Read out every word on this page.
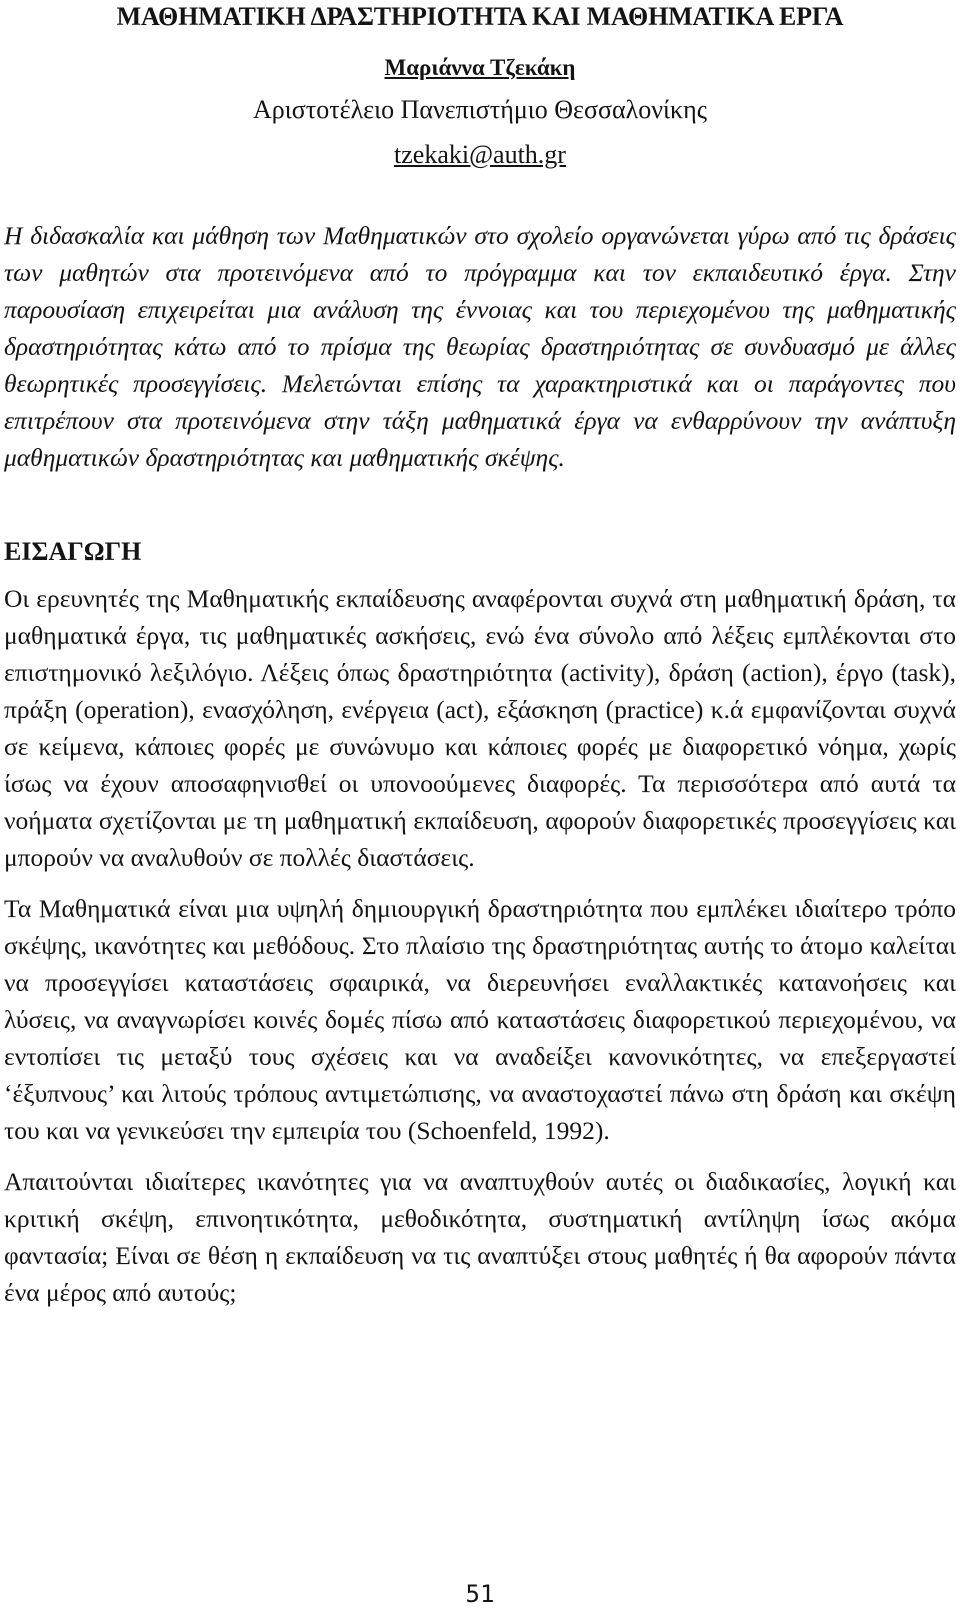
ΜΑΘΗΜΑΤΙΚΗ ΔΡΑΣΤΗΡΙΟΤΗΤΑ ΚΑΙ ΜΑΘΗΜΑΤΙΚΑ ΕΡΓΑ
Μαριάννα Τζεκάκη
Αριστοτέλειο Πανεπιστήμιο Θεσσαλονίκης
tzekaki@auth.gr

Η διδασκαλία και μάθηση των Μαθηματικών στο σχολείο οργανώνεται γύρω από τις δράσεις των μαθητών στα προτεινόμενα από το πρόγραμμα και τον εκπαιδευτικό έργα. Στην παρουσίαση επιχειρείται μια ανάλυση της έννοιας και του περιεχομένου της μαθηματικής δραστηριότητας κάτω από το πρίσμα της θεωρίας δραστηριότητας σε συνδυασμό με άλλες θεωρητικές προσεγγίσεις. Μελετώνται επίσης τα χαρακτηριστικά και οι παράγοντες που επιτρέπουν στα προτεινόμενα στην τάξη μαθηματικά έργα να ενθαρρύνουν την ανάπτυξη μαθηματικών δραστηριότητας και μαθηματικής σκέψης.

ΕΙΣΑΓΩΓΗ

Οι ερευνητές της Μαθηματικής εκπαίδευσης αναφέρονται συχνά στη μαθηματική δράση, τα μαθηματικά έργα, τις μαθηματικές ασκήσεις, ενώ ένα σύνολο από λέξεις εμπλέκονται στο επιστημονικό λεξιλόγιο. Λέξεις όπως δραστηριότητα (activity), δράση (action), έργο (task), πράξη (operation), ενασχόληση, ενέργεια (act), εξάσκηση (practice) κ.ά εμφανίζονται συχνά σε κείμενα, κάποιες φορές με συνώνυμο και κάποιες φορές με διαφορετικό νόημα, χωρίς ίσως να έχουν αποσαφηνισθεί οι υπονοούμενες διαφορές. Τα περισσότερα από αυτά τα νοήματα σχετίζονται με τη μαθηματική εκπαίδευση, αφορούν διαφορετικές προσεγγίσεις και μπορούν να αναλυθούν σε πολλές διαστάσεις.

Τα Μαθηματικά είναι μια υψηλή δημιουργική δραστηριότητα που εμπλέκει ιδιαίτερο τρόπο σκέψης, ικανότητες και μεθόδους. Στο πλαίσιο της δραστηριότητας αυτής το άτομο καλείται να προσεγγίσει καταστάσεις σφαιρικά, να διερευνήσει εναλλακτικές κατανοήσεις και λύσεις, να αναγνωρίσει κοινές δομές πίσω από καταστάσεις διαφορετικού περιεχομένου, να εντοπίσει τις μεταξύ τους σχέσεις και να αναδείξει κανονικότητες, να επεξεργαστεί ‘έξυπνους’ και λιτούς τρόπους αντιμετώπισης, να αναστοχαστεί πάνω στη δράση και σκέψη του και να γενικεύσει την εμπειρία του (Schoenfeld, 1992).

Απαιτούνται ιδιαίτερες ικανότητες για να αναπτυχθούν αυτές οι διαδικασίες, λογική και κριτική σκέψη, επινοητικότητα, μεθοδικότητα, συστηματική αντίληψη ίσως ακόμα φαντασία; Είναι σε θέση η εκπαίδευση να τις αναπτύξει στους μαθητές ή θα αφορούν πάντα ένα μέρος από αυτούς;

51
